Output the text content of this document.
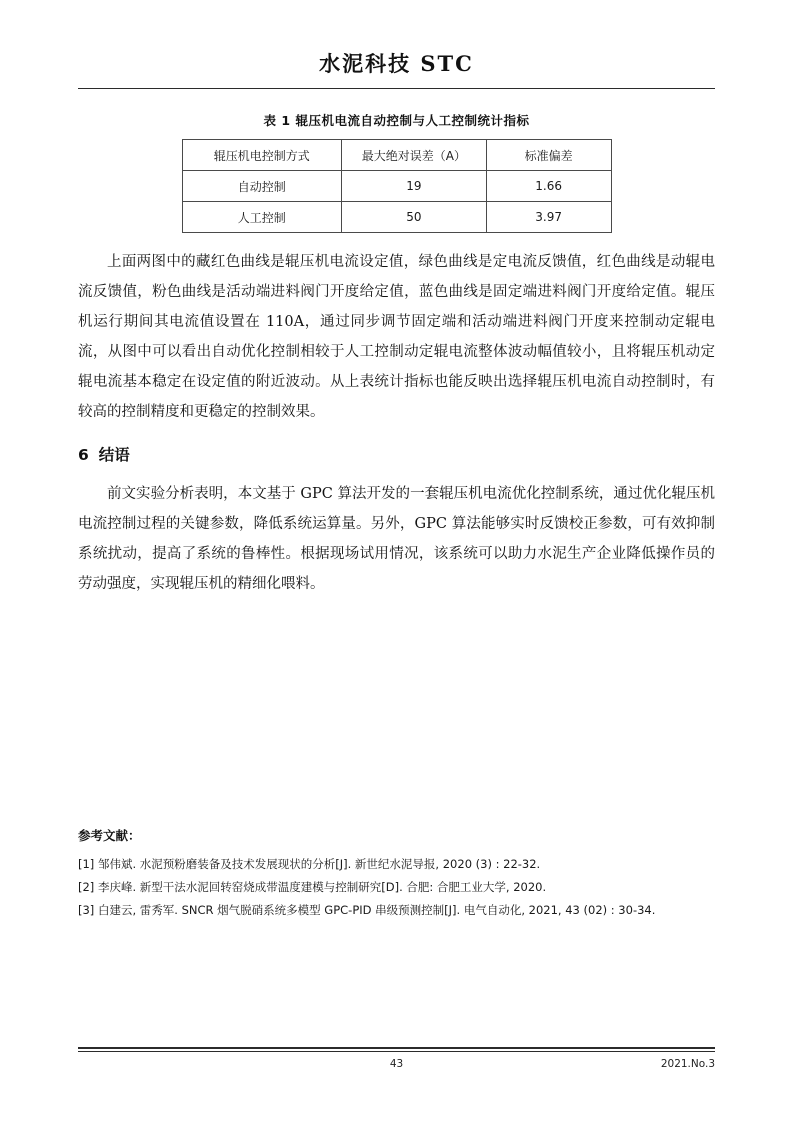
水泥科技 STC
表 1 辊压机电流自动控制与人工控制统计指标
辊压机电控制方式	最大绝对误差（A）	标准偏差
自动控制	19	1.66
人工控制	50	3.97

上面两图中的藏红色曲线是辊压机电流设定值，绿色曲线是定电流反馈值，红色曲线是动辊电流反馈值，粉色曲线是活动端进料阀门开度给定值，蓝色曲线是固定端进料阀门开度给定值。辊压机运行期间其电流值设置在 110A，通过同步调节固定端和活动端进料阀门开度来控制动定辊电流，从图中可以看出自动优化控制相较于人工控制动定辊电流整体波动幅值较小，且将辊压机动定辊电流基本稳定在设定值的附近波动。从上表统计指标也能反映出选择辊压机电流自动控制时，有较高的控制精度和更稳定的控制效果。

6 结语

前文实验分析表明，本文基于 GPC 算法开发的一套辊压机电流优化控制系统，通过优化辊压机电流控制过程的关键参数，降低系统运算量。另外，GPC 算法能够实时反馈校正参数，可有效抑制系统扰动，提高了系统的鲁棒性。根据现场试用情况，该系统可以助力水泥生产企业降低操作员的劳动强度，实现辊压机的精细化喂料。

参考文献：
[1] 邹伟斌. 水泥预粉磨装备及技术发展现状的分析[J]. 新世纪水泥导报, 2020 (3) : 22-32.
[2] 李庆峰. 新型干法水泥回转窑烧成带温度建模与控制研究[D]. 合肥: 合肥工业大学, 2020.
[3] 白建云, 雷秀军. SNCR 烟气脱硝系统多模型 GPC-PID 串级预测控制[J]. 电气自动化, 2021, 43 (02) : 30-34.
43	2021.No.3
